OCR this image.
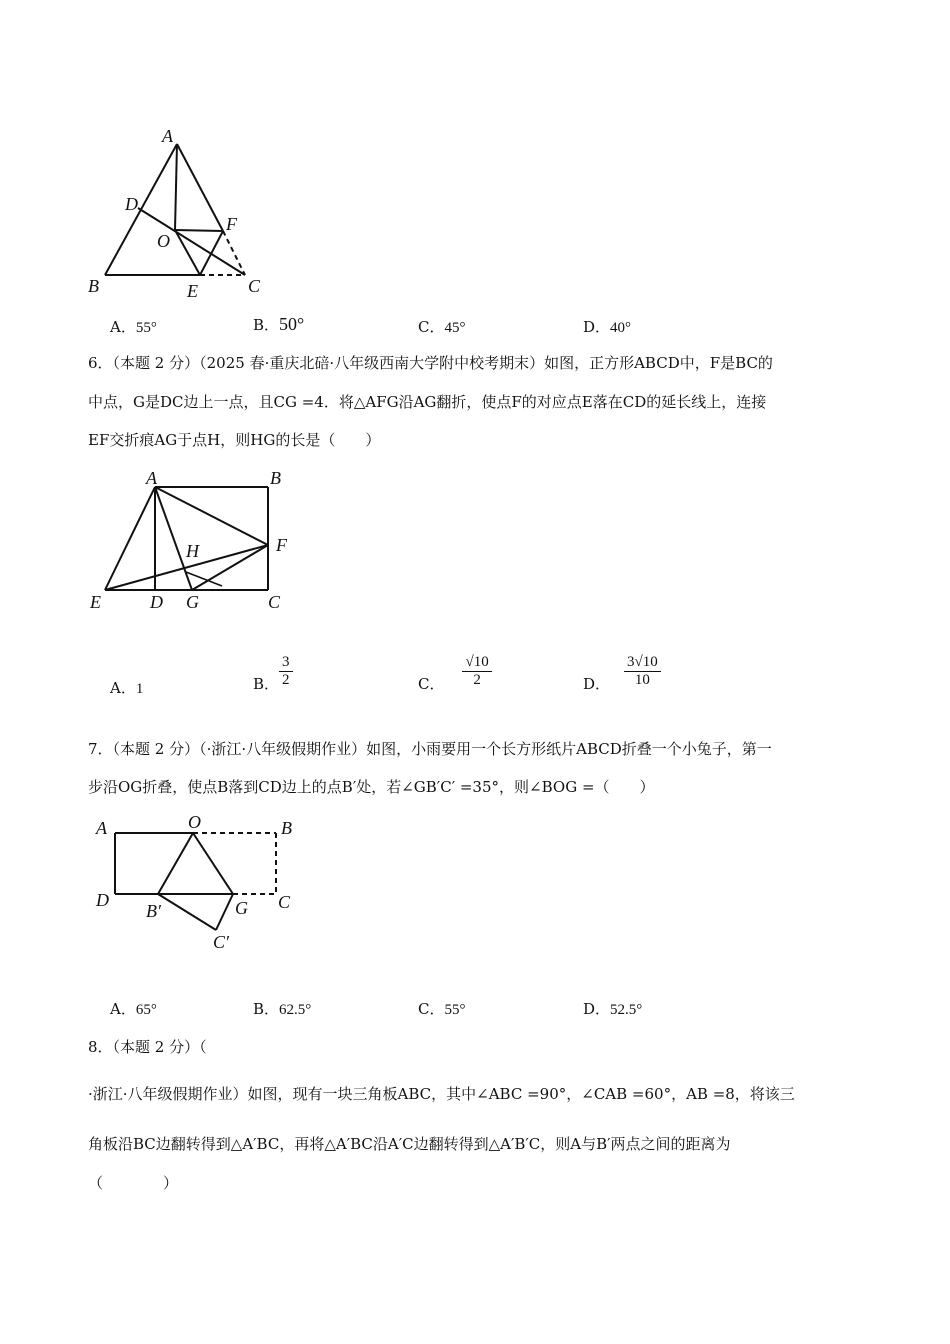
A
D
F
O
B	E	C
A．55°	B．50°	C．45°	D．40°
6．（本题 2 分）（2025 春·重庆北碚·八年级西南大学附中校考期末）如图，正方形ABCD中，F是BC的
中点，G是DC边上一点，且CG =4．将△AFG沿AG翻折，使点F的对应点E落在CD的延长线上，连接
EF交折痕AG于点H，则HG的长是（　　）
A	B
H	F
E	D G	C
A．1	B． $\frac{3}{2}$	C． $\frac{√10}{2}$	D． $\frac{3√10}{10}$
7．（本题 2 分）（·浙江·八年级假期作业）如图，小雨要用一个长方形纸片ABCD折叠一个小兔子，第一
步沿OG折叠，使点B落到CD边上的点B′处，若∠GB′C′ =35°，则∠BOG =（　　）
A	O	B
D
B′	G C
C′
A．65°	B．62.5°	C．55°	D．52.5°
8．（本题 2 分）（
·浙江·八年级假期作业）如图，现有一块三角板ABC，其中∠ABC =90°，∠CAB =60°，AB =8，将该三
角板沿BC边翻转得到△A′BC，再将△A′BC沿A′C边翻转得到△A′B′C，则A与B′两点之间的距离为
（　　　　）
